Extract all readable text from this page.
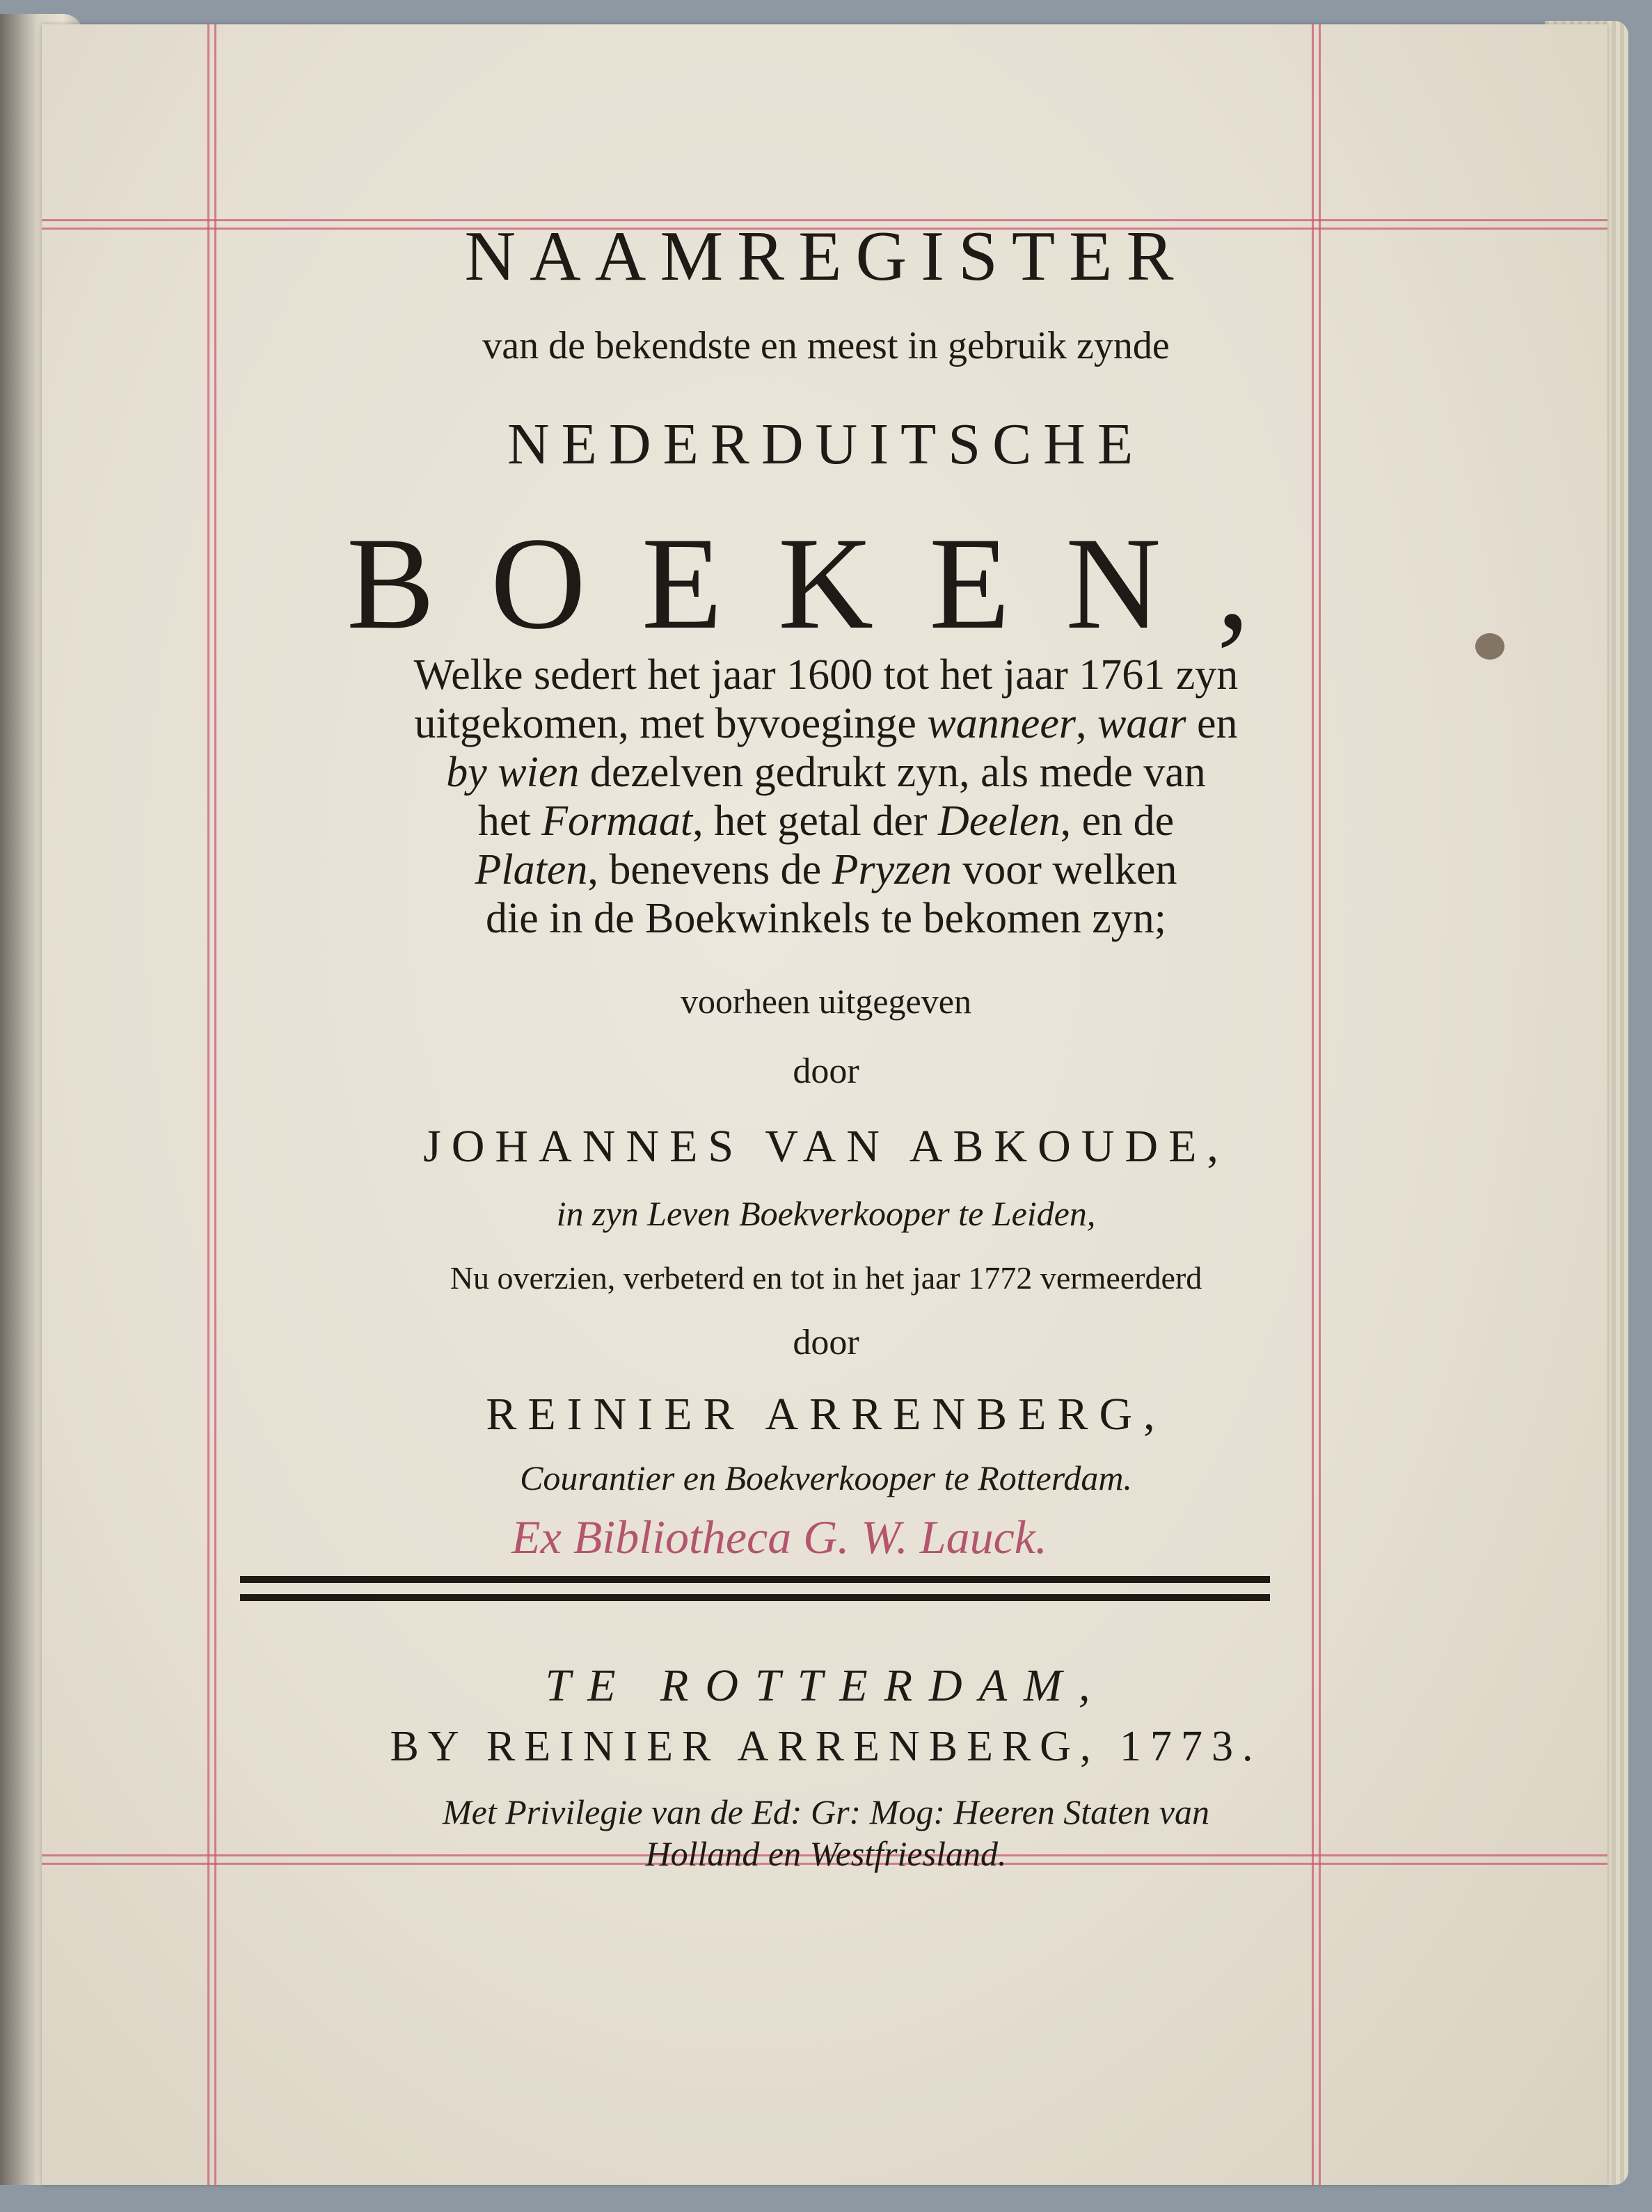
NAAMREGISTER
van de bekendste en meest in gebruik zynde
NEDERDUITSCHE
BOEKEN,
Welke sedert het jaar 1600 tot het jaar 1761 zyn
uitgekomen, met byvoeginge wanneer, waar en
by wien dezelven gedrukt zyn, als mede van
het Formaat, het getal der Deelen, en de
Platen, benevens de Pryzen voor welken
die in de Boekwinkels te bekomen zyn;
voorheen uitgegeven
door
JOHANNES VAN ABKOUDE,
in zyn Leven Boekverkooper te Leiden,
Nu overzien, verbeterd en tot in het jaar 1772 vermeerderd
door
REINIER ARRENBERG,
Courantier en Boekverkooper te Rotterdam.
Ex Bibliotheca G. W. Lauck.
TE ROTTERDAM,
BY REINIER ARRENBERG, 1773.
Met Privilegie van de Ed: Gr: Mog: Heeren Staten van
Holland en Westfriesland.
